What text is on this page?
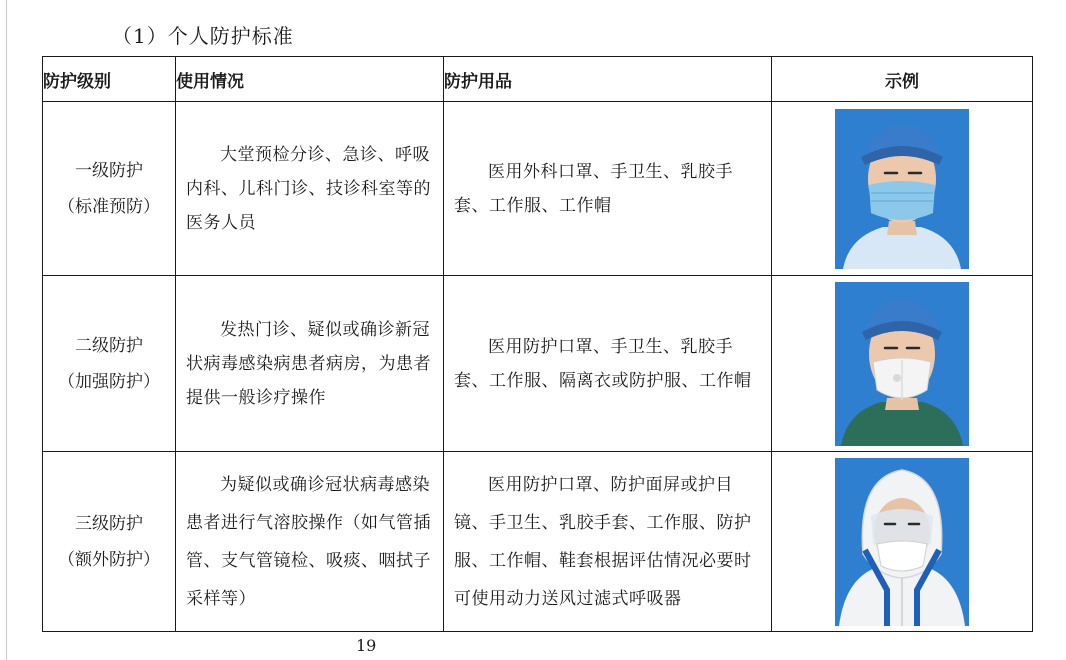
（1）个人防护标准
防护级别	使用情况	防护用品	示例

一级防护
（标准预防）	大堂预检分诊、急诊、呼吸内科、儿科门诊、技诊科室等的医务人员	医用外科口罩、手卫生、乳胶手套、工作服、工作帽	

二级防护
（加强防护）	发热门诊、疑似或确诊新冠状病毒感染病患者病房，为患者提供一般诊疗操作	医用防护口罩、手卫生、乳胶手套、工作服、隔离衣或防护服、工作帽	

三级防护
（额外防护）	为疑似或确诊冠状病毒感染患者进行气溶胶操作（如气管插管、支气管镜检、吸痰、咽拭子采样等）	医用防护口罩、防护面屏或护目镜、手卫生、乳胶手套、工作服、防护服、工作帽、鞋套根据评估情况必要时可使用动力送风过滤式呼吸器	
19
